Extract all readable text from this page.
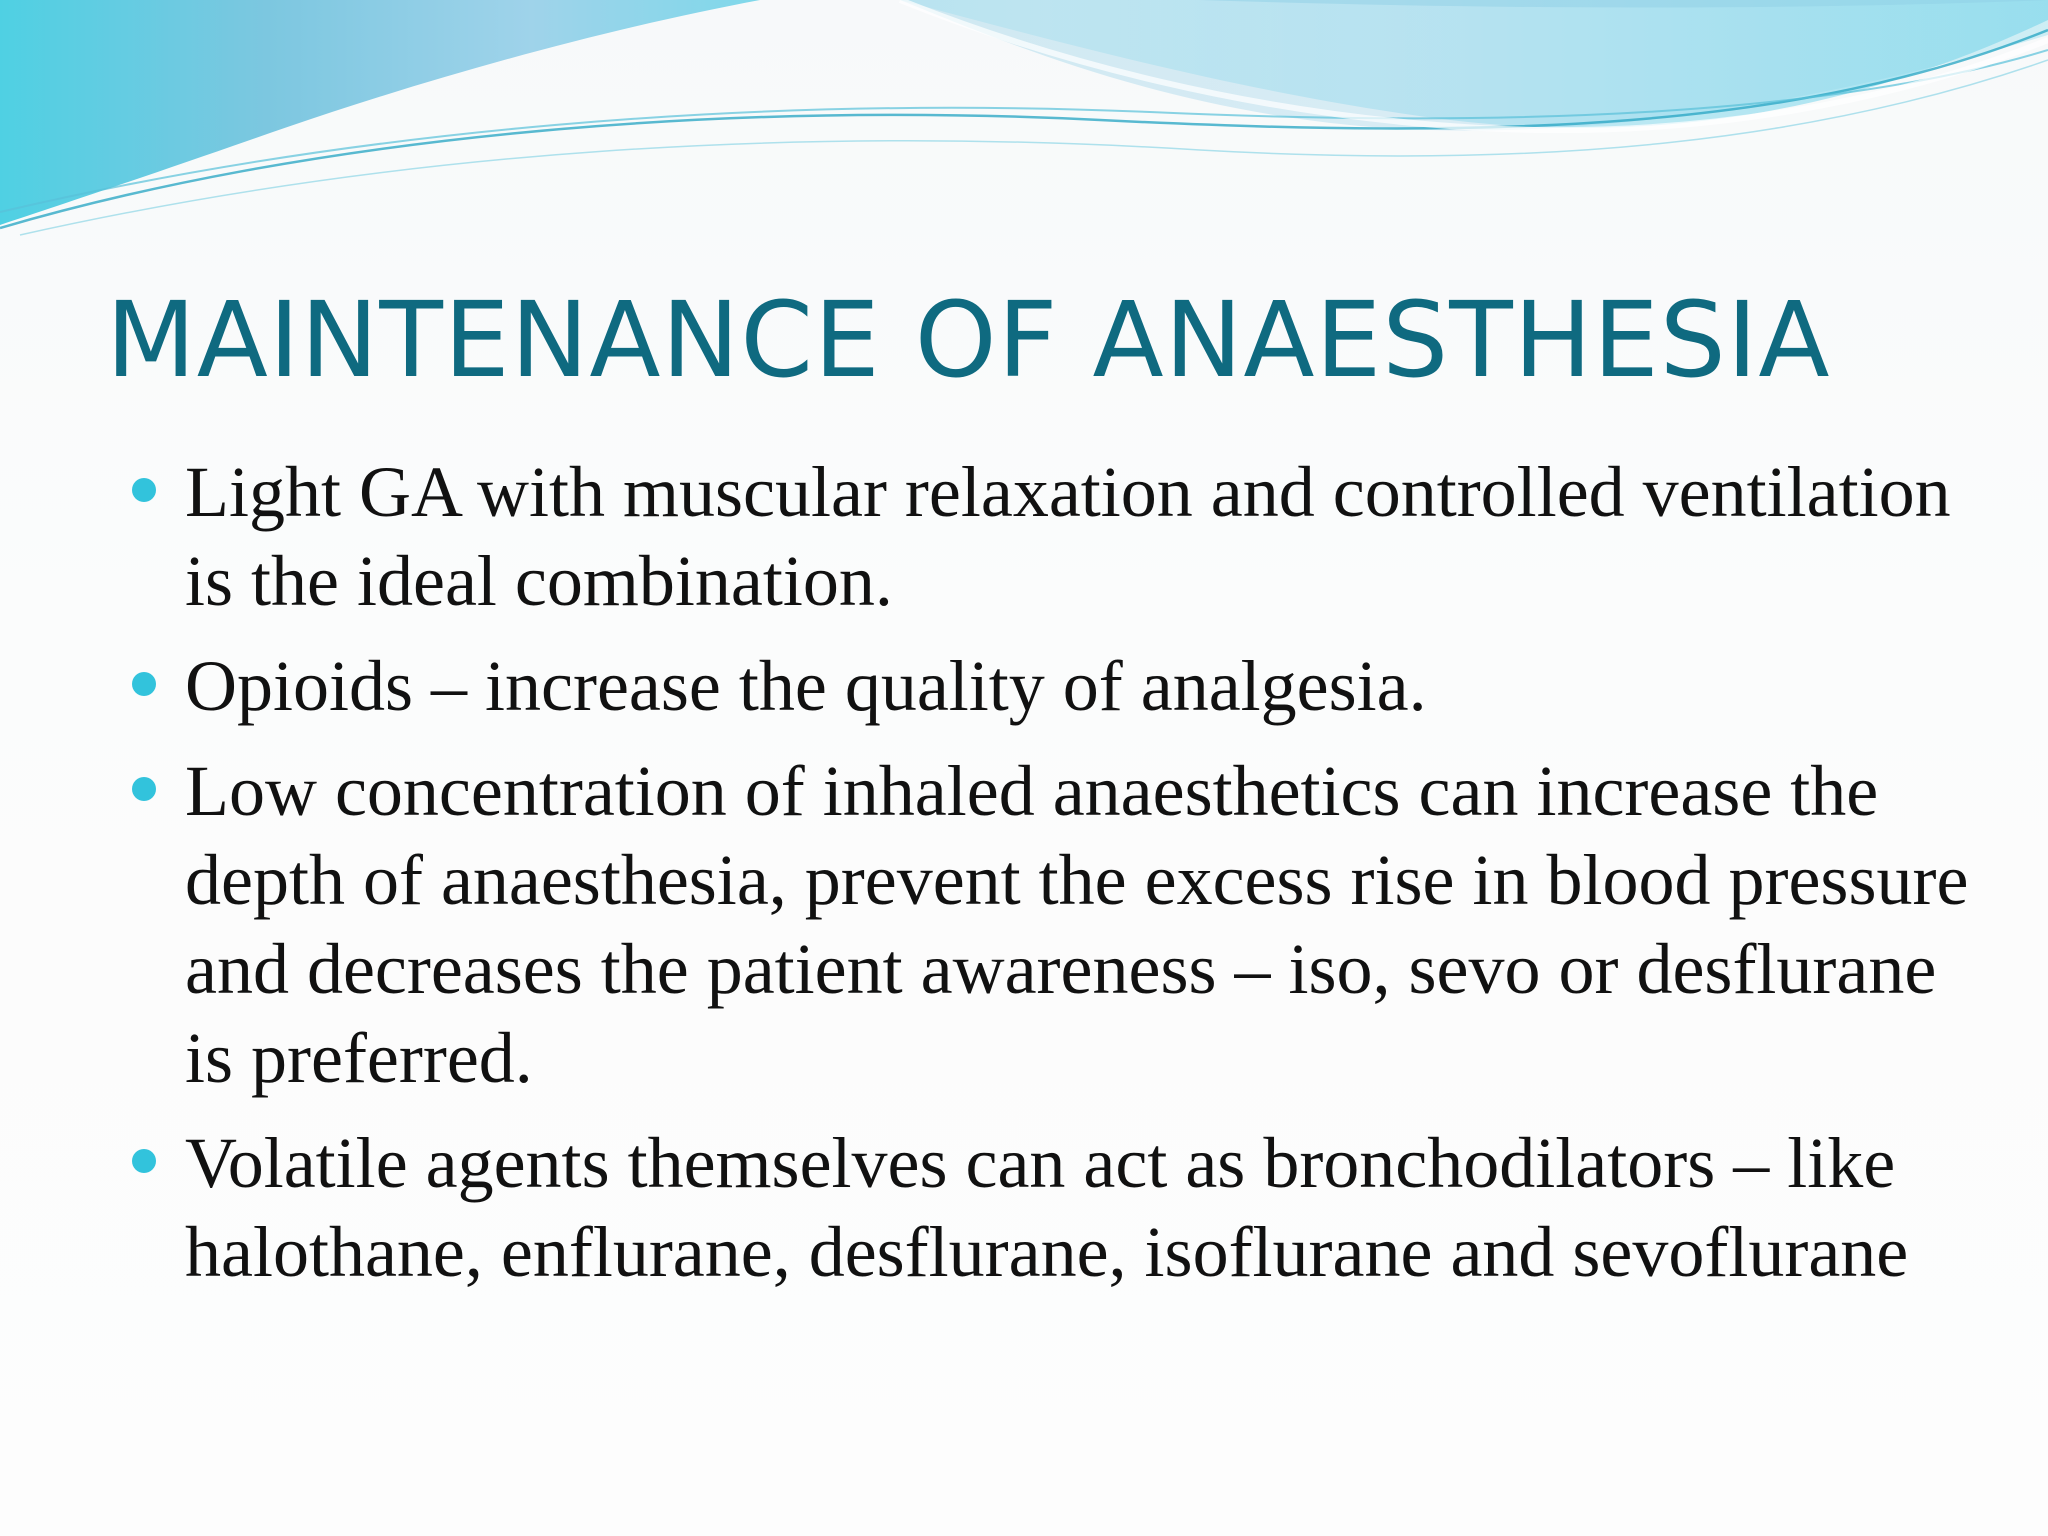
MAINTENANCE OF ANAESTHESIA
Light GA with muscular relaxation and controlled ventilation is the ideal combination.
Opioids – increase the quality of analgesia.
Low concentration of inhaled anaesthetics can increase the depth of anaesthesia, prevent the excess rise in blood pressure and decreases the patient awareness – iso, sevo or desflurane is preferred.
Volatile agents themselves can act as bronchodilators – like halothane, enflurane, desflurane, isoflurane and sevoflurane
